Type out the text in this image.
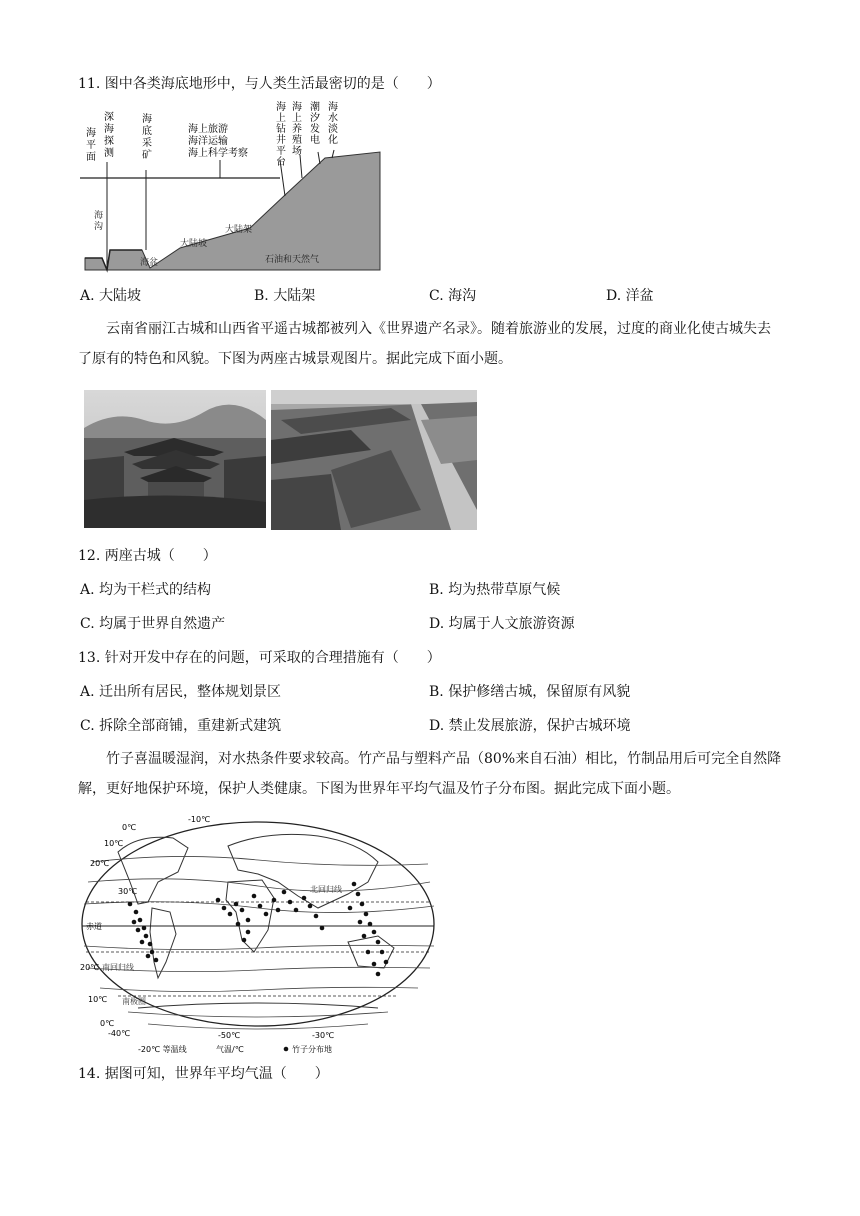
11. 图中各类海底地形中，与人类生活最密切的是（　　）
海平面
深海探测
海底采矿
海上旅游海洋运输海上科学考察
海上钻井平台
海上养殖场
潮汐发电
海水淡化
海沟
海盆
大陆坡
大陆架
石油和天然气
A. 大陆坡	B. 大陆架	C. 海沟	D. 洋盆
云南省丽江古城和山西省平遥古城都被列入《世界遗产名录》。随着旅游业的发展，过度的商业化使古城失去了原有的特色和风貌。下图为两座古城景观图片。据此完成下面小题。
12. 两座古城（　　）
A. 均为干栏式的结构	B. 均为热带草原气候
C. 均属于世界自然遗产	D. 均属于人文旅游资源
13. 针对开发中存在的问题，可采取的合理措施有（　　）
A. 迁出所有居民，整体规划景区	B. 保护修缮古城，保留原有风貌
C. 拆除全部商铺，重建新式建筑	D. 禁止发展旅游，保护古城环境
竹子喜温暖湿润，对水热条件要求较高。竹产品与塑料产品（80%来自石油）相比，竹制品用后可完全自然降解，更好地保护环境，保护人类健康。下图为世界年平均气温及竹子分布图。据此完成下面小题。
-10℃
0℃
10℃
20℃
30℃	北回归线
赤道
20℃ 南回归线
10℃ 南极圈
0℃
-40℃	-50℃	-30℃
-20℃ 等温线	气温/℃	竹子分布地
14. 据图可知，世界年平均气温（　　）
